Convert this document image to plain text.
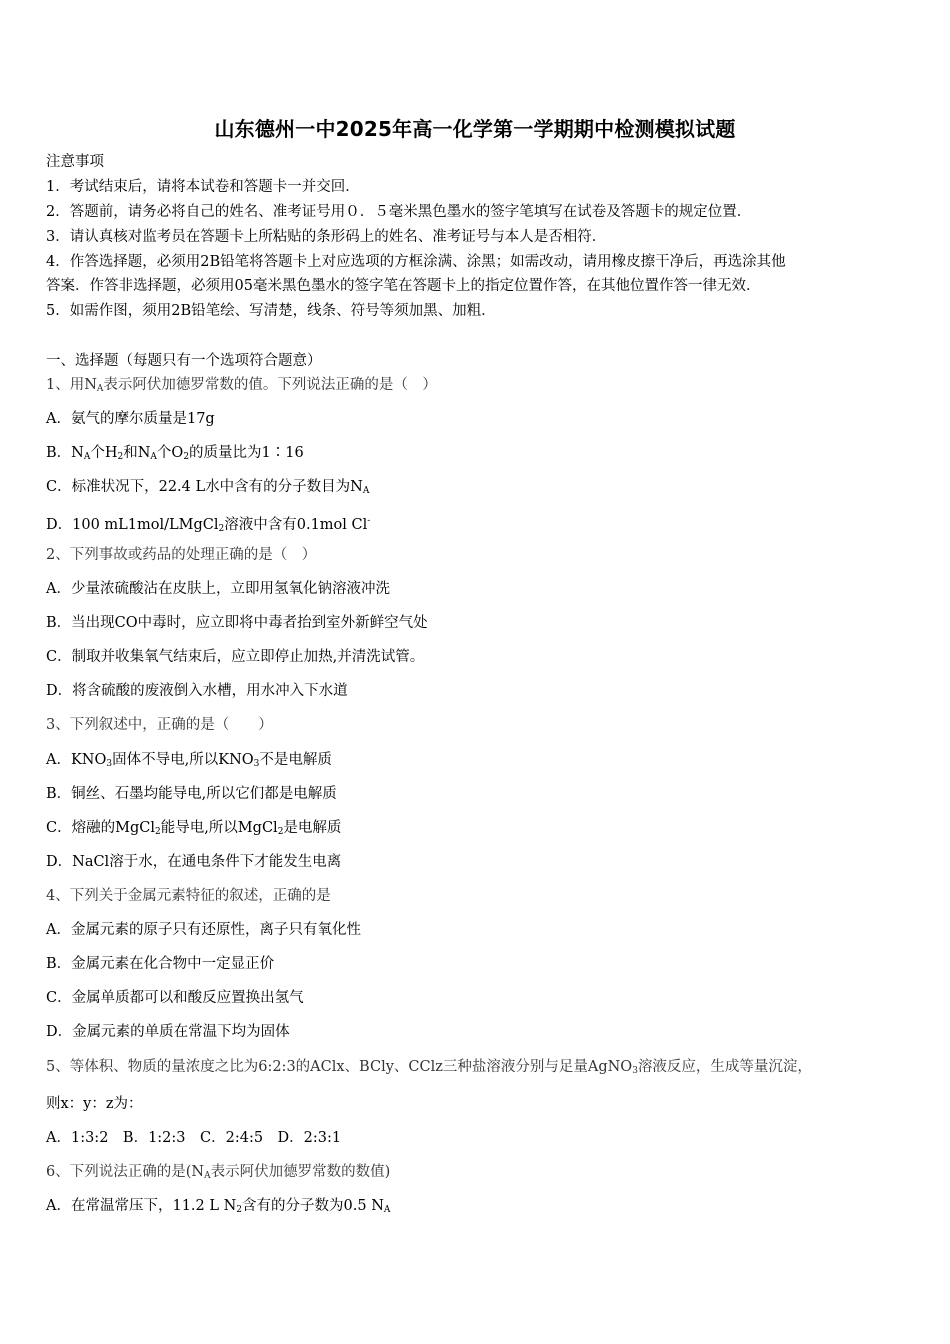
山东德州一中2025年高一化学第一学期期中检测模拟试题
注意事项
1．考试结束后，请将本试卷和答题卡一并交回．
2．答题前，请务必将自己的姓名、准考证号用０．５毫米黑色墨水的签字笔填写在试卷及答题卡的规定位置．
3．请认真核对监考员在答题卡上所粘贴的条形码上的姓名、准考证号与本人是否相符．
4．作答选择题，必须用2B铅笔将答题卡上对应选项的方框涂满、涂黑；如需改动，请用橡皮擦干净后，再选涂其他
答案．作答非选择题，必须用05毫米黑色墨水的签字笔在答题卡上的指定位置作答，在其他位置作答一律无效．
5．如需作图，须用2B铅笔绘、写清楚，线条、符号等须加黑、加粗．
一、选择题（每题只有一个选项符合题意）
1、用$N_A$表示阿伏加德罗常数的值。下列说法正确的是（　）
A．氨气的摩尔质量是17g
B．$N_A$个$H_2$和$N_A$个$O_2$的质量比为1∶16
C．标准状况下，22.4 L水中含有的分子数目为$N_A$
D．100 mL1mol/LMgCl$_2$溶液中含有0.1mol Cl-
2、下列事故或药品的处理正确的是（　）
A．少量浓硫酸沾在皮肤上，立即用氢氧化钠溶液冲洗
B．当出现CO中毒时，应立即将中毒者抬到室外新鲜空气处
C．制取并收集氧气结束后，应立即停止加热,并清洗试管。
D．将含硫酸的废液倒入水槽，用水冲入下水道
3、下列叙述中，正确的是（　　）
A．$KNO_3$固体不导电,所以$KNO_3$不是电解质
B．铜丝、石墨均能导电,所以它们都是电解质
C．熔融的MgCl$_2$能导电,所以MgCl$_2$是电解质
D．NaCl溶于水，在通电条件下才能发生电离
4、下列关于金属元素特征的叙述，正确的是
A．金属元素的原子只有还原性，离子只有氧化性
B．金属元素在化合物中一定显正价
C．金属单质都可以和酸反应置换出氢气
D．金属元素的单质在常温下均为固体
5、等体积、物质的量浓度之比为6:2:3的AClx、BCly、CClz三种盐溶液分别与足量AgNO$_3$溶液反应，生成等量沉淀，
则x：y：z为：
A．1:3:2　B．1:2:3　C．2:4:5　D．2:3:1
6、下列说法正确的是($N_A$表示阿伏加德罗常数的数值)
A．在常温常压下，11.2 L $N_2$含有的分子数为0.5 $N_A$
